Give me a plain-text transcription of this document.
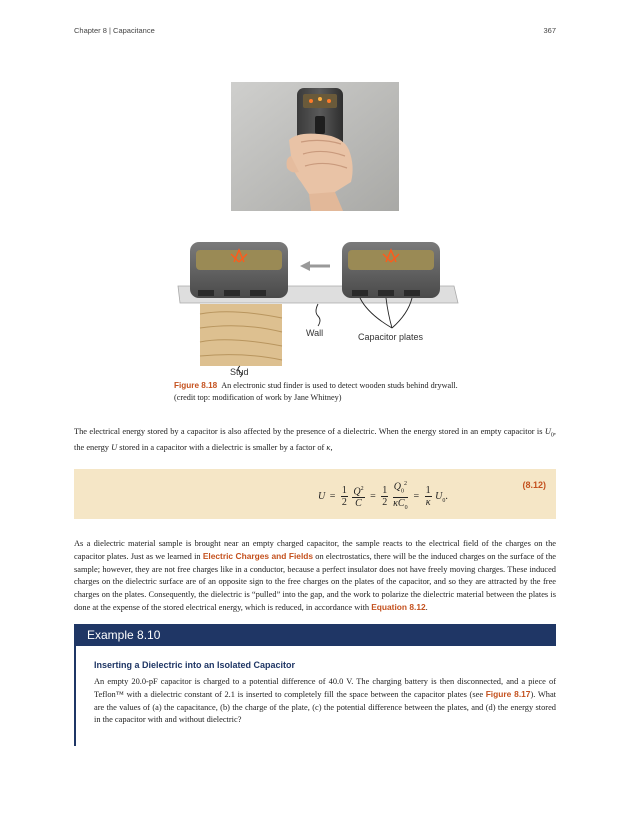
Chapter 8 | Capacitance	367
Wall	Capacitor plates
Stud
Figure 8.18 An electronic stud finder is used to detect wooden studs behind drywall. (credit top: modification of work by Jane Whitney)
The electrical energy stored by a capacitor is also affected by the presence of a dielectric. When the energy stored in an empty capacitor is $U_0$, the energy U stored in a capacitor with a dielectric is smaller by a factor of κ,
$U = \frac{1}{2}$
$\frac{Q^2}{C} = \frac{1}{2}$
$\frac{Q_0^2}{\kappa C_0} = \frac{1}{\kappa} U_0$.
(8.12)
As a dielectric material sample is brought near an empty charged capacitor, the sample reacts to the electrical field of the charges on the capacitor plates. Just as we learned in Electric Charges and Fields on electrostatics, there will be the induced charges on the surface of the sample; however, they are not free charges like in a conductor, because a perfect insulator does not have freely moving charges. These induced charges on the dielectric surface are of an opposite sign to the free charges on the plates of the capacitor, and so they are attracted by the free charges on the plates. Consequently, the dielectric is “pulled” into the gap, and the work to polarize the dielectric material between the plates is done at the expense of the stored electrical energy, which is reduced, in accordance with Equation 8.12.
Example 8.10
Inserting a Dielectric into an Isolated Capacitor
An empty 20.0-pF capacitor is charged to a potential difference of 40.0 V. The charging battery is then disconnected, and a piece of Teflon™ with a dielectric constant of 2.1 is inserted to completely fill the space between the capacitor plates (see Figure 8.17). What are the values of (a) the capacitance, (b) the charge of the plate, (c) the potential difference between the plates, and (d) the energy stored in the capacitor with and without dielectric?
